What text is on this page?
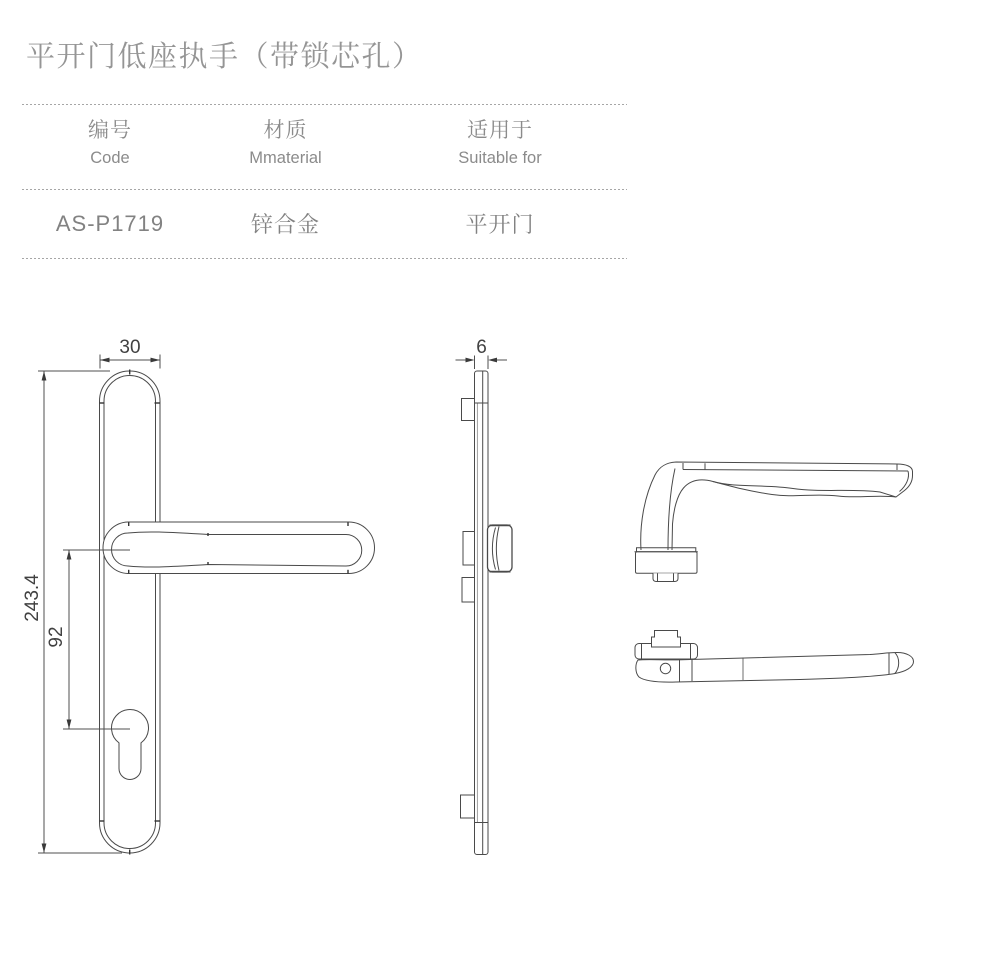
平开门低座执手（带锁芯孔）
编号
Code
材质
Mmaterial
适用于
Suitable for
AS-P1719	锌合金	平开门
30
243.4
92
6
